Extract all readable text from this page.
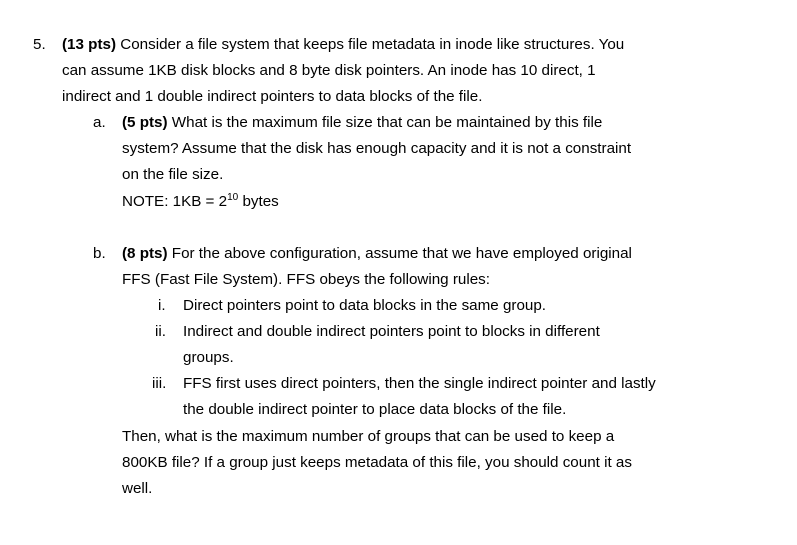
5. (13 pts) Consider a file system that keeps file metadata in inode like structures. You
can assume 1KB disk blocks and 8 byte disk pointers. An inode has 10 direct, 1
indirect and 1 double indirect pointers to data blocks of the file.
a. (5 pts) What is the maximum file size that can be maintained by this file
system? Assume that the disk has enough capacity and it is not a constraint
on the file size.
NOTE: $1KB = 2^{10}$ bytes
b. (8 pts) For the above configuration, assume that we have employed original
FFS (Fast File System). FFS obeys the following rules:
i. Direct pointers point to data blocks in the same group.
ii. Indirect and double indirect pointers point to blocks in different
groups.
iii. FFS first uses direct pointers, then the single indirect pointer and lastly
the double indirect pointer to place data blocks of the file.
Then, what is the maximum number of groups that can be used to keep a
800KB file? If a group just keeps metadata of this file, you should count it as
well.
